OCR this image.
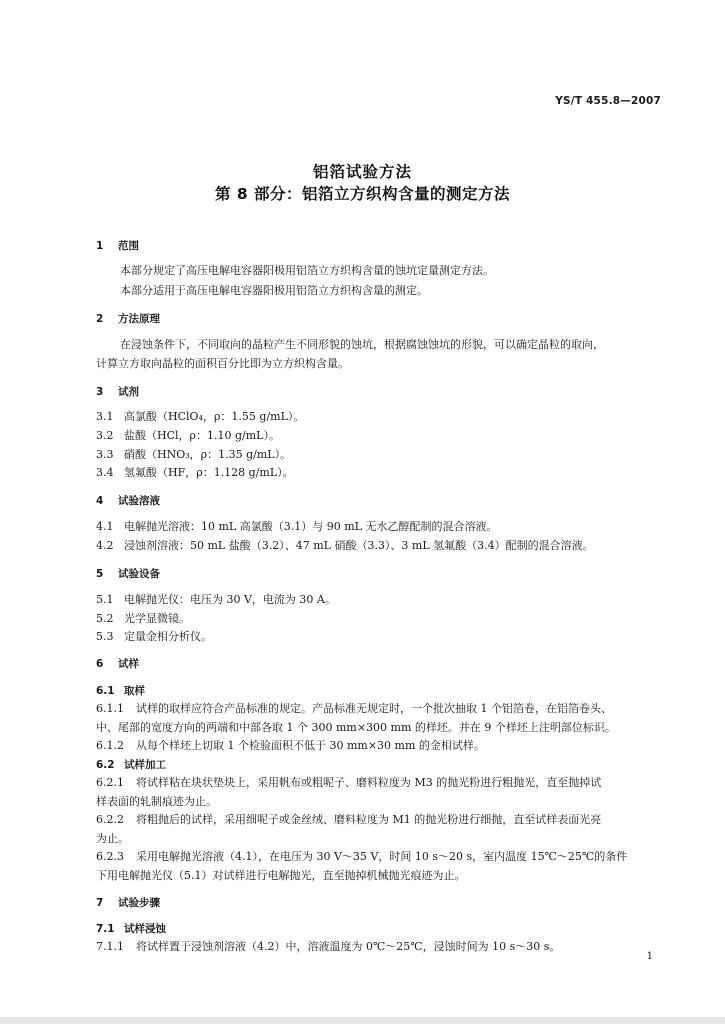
YS/T 455.8—2007
铝箔试验方法
第 8 部分：铝箔立方织构含量的测定方法
1 范围
本部分规定了高压电解电容器阳极用铝箔立方织构含量的蚀坑定量测定方法。
本部分适用于高压电解电容器阳极用铝箔立方织构含量的测定。
2 方法原理
在浸蚀条件下，不同取向的晶粒产生不同形貌的蚀坑，根据腐蚀蚀坑的形貌，可以确定晶粒的取向，
计算立方取向晶粒的面积百分比即为立方织构含量。
3 试剂
3.1 高氯酸（HClO₄，ρ：1.55 g/mL）。
3.2 盐酸（HCl，ρ：1.10 g/mL）。
3.3 硝酸（HNO₃，ρ：1.35 g/mL）。
3.4 氢氟酸（HF，ρ：1.128 g/mL）。
4 试验溶液
4.1 电解抛光溶液：10 mL 高氯酸（3.1）与 90 mL 无水乙醇配制的混合溶液。
4.2 浸蚀剂溶液：50 mL 盐酸（3.2）、47 mL 硝酸（3.3）、3 mL 氢氟酸（3.4）配制的混合溶液。
5 试验设备
5.1 电解抛光仪：电压为 30 V，电流为 30 A。
5.2 光学显微镜。
5.3 定量金相分析仪。
6 试样
6.1 取样
6.1.1 试样的取样应符合产品标准的规定。产品标准无规定时，一个批次抽取 1 个铝箔卷，在铝箔卷头、
中、尾部的宽度方向的两端和中部各取 1 个 300 mm×300 mm 的样坯。并在 9 个样坯上注明部位标识。
6.1.2 从每个样坯上切取 1 个检验面积不低于 30 mm×30 mm 的金相试样。
6.2 试样加工
6.2.1 将试样粘在块状垫块上，采用帆布或粗呢子、磨料粒度为 M3 的抛光粉进行粗抛光，直至抛掉试
样表面的轧制痕迹为止。
6.2.2 将粗抛后的试样，采用细呢子或金丝绒、磨料粒度为 M1 的抛光粉进行细抛，直至试样表面光亮
为止。
6.2.3 采用电解抛光溶液（4.1），在电压为 30 V～35 V，时间 10 s～20 s，室内温度 15℃～25℃的条件
下用电解抛光仪（5.1）对试样进行电解抛光，直至抛掉机械抛光痕迹为止。
7 试验步骤
7.1 试样浸蚀
7.1.1 将试样置于浸蚀剂溶液（4.2）中，溶液温度为 0℃～25℃，浸蚀时间为 10 s～30 s。
1
